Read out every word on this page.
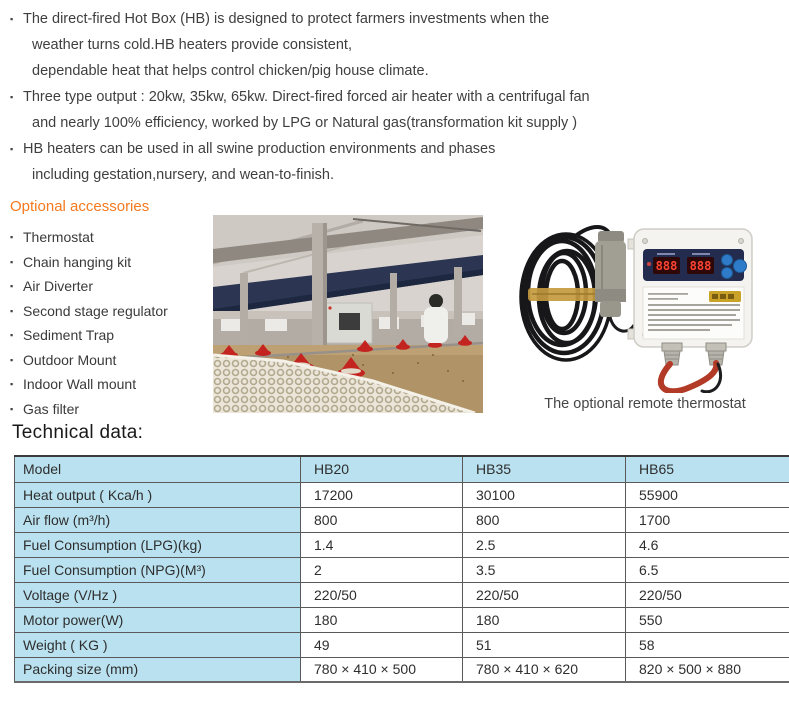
▪ The direct-fired Hot Box (HB) is designed to protect farmers investments when the
weather turns cold.HB heaters provide consistent,
dependable heat that helps control chicken/pig house climate.
▪ Three type output : 20kw, 35kw, 65kw. Direct-fired forced air heater with a centrifugal fan
and nearly 100% efficiency, worked by LPG or Natural gas(transformation kit supply )
▪ HB heaters can be used in all swine production environments and phases
including gestation,nursery, and wean-to-finish.
Optional accessories
▪ Thermostat
▪ Chain hanging kit
▪ Air Diverter
▪ Second stage regulator
▪ Sediment Trap
▪ Outdoor Mount
▪ Indoor Wall mount
▪ Gas filter
888 888
The optional remote thermostat
Technical data:
Model	HB20	HB35	HB65
Heat output ( Kca/h )	17200	30100	55900
Air flow (m³/h)	800	800	1700
Fuel Consumption (LPG)(kg)	1.4	2.5	4.6
Fuel Consumption (NPG)(M³)	2	3.5	6.5
Voltage (V/Hz )	220/50	220/50	220/50
Motor power(W)	180	180	550
Weight ( KG )	49	51	58
Packing size (mm)	780 × 410 × 500	780 × 410 × 620	820 × 500 × 880
